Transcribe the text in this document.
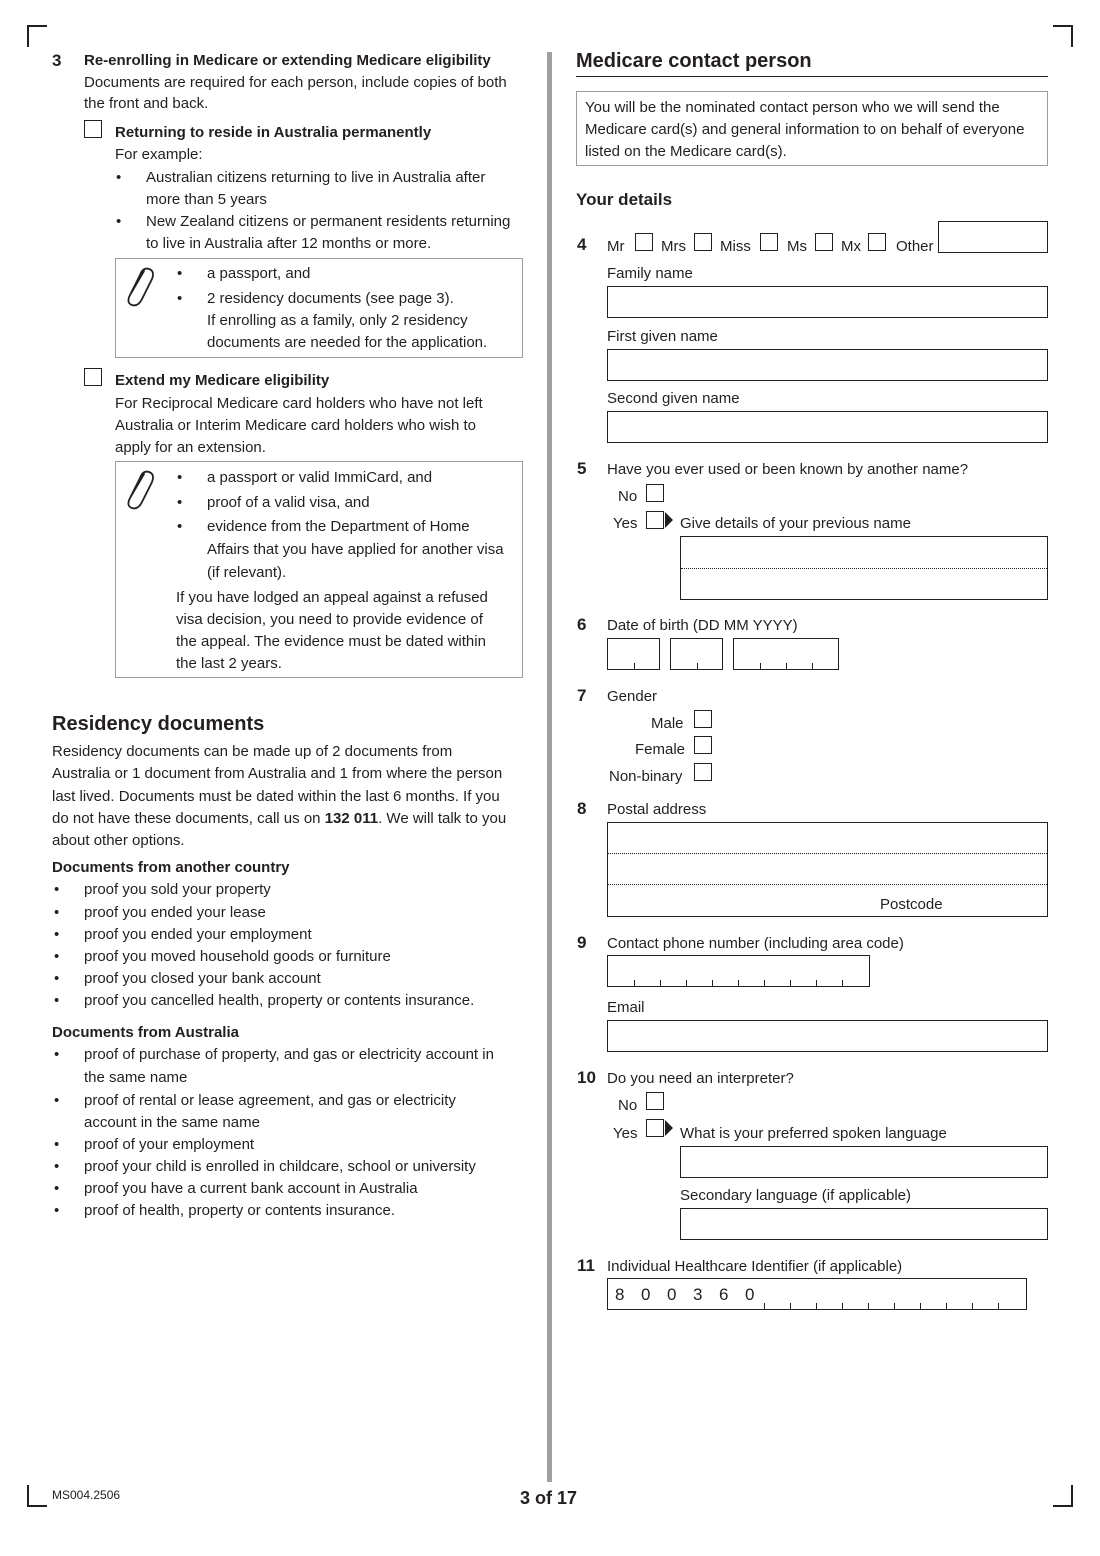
3 Re-enrolling in Medicare or extending Medicare eligibility
Documents are required for each person, include copies of both
the front and back.
Returning to reside in Australia permanently
For example:
• Australian citizens returning to live in Australia after
more than 5 years
• New Zealand citizens or permanent residents returning
to live in Australia after 12 months or more.
• a passport, and
• 2 residency documents (see page 3).
If enrolling as a family, only 2 residency
documents are needed for the application.
Extend my Medicare eligibility
For Reciprocal Medicare card holders who have not left
Australia or Interim Medicare card holders who wish to
apply for an extension.
• a passport or valid ImmiCard, and
• proof of a valid visa, and
• evidence from the Department of Home
Affairs that you have applied for another visa
(if relevant).
If you have lodged an appeal against a refused
visa decision, you need to provide evidence of
the appeal. The evidence must be dated within
the last 2 years.
Residency documents
Residency documents can be made up of 2 documents from
Australia or 1 document from Australia and 1 from where the person
last lived. Documents must be dated within the last 6 months. If you
do not have these documents, call us on 132 011. We will talk to you
about other options.
Documents from another country
• proof you sold your property
• proof you ended your lease
• proof you ended your employment
• proof you moved household goods or furniture
• proof you closed your bank account
• proof you cancelled health, property or contents insurance.
Documents from Australia
• proof of purchase of property, and gas or electricity account in
the same name
• proof of rental or lease agreement, and gas or electricity
account in the same name
• proof of your employment
• proof your child is enrolled in childcare, school or university
• proof you have a current bank account in Australia
• proof of health, property or contents insurance.
Medicare contact person
You will be the nominated contact person who we will send the
Medicare card(s) and general information to on behalf of everyone
listed on the Medicare card(s).
Your details
4 Mr Mrs Miss Ms Mx Other
Family name
First given name
Second given name
5 Have you ever used or been known by another name?
No
Yes	Give details of your previous name
6 Date of birth (DD MM YYYY)
7 Gender
Male
Female
Non-binary
8 Postal address
Postcode
9 Contact phone number (including area code)
Email
10 Do you need an interpreter?
No
Yes	What is your preferred spoken language
Secondary language (if applicable)
11 Individual Healthcare Identifier (if applicable)
8 0 0 3 6 0
MS004.2506	3 of 17
